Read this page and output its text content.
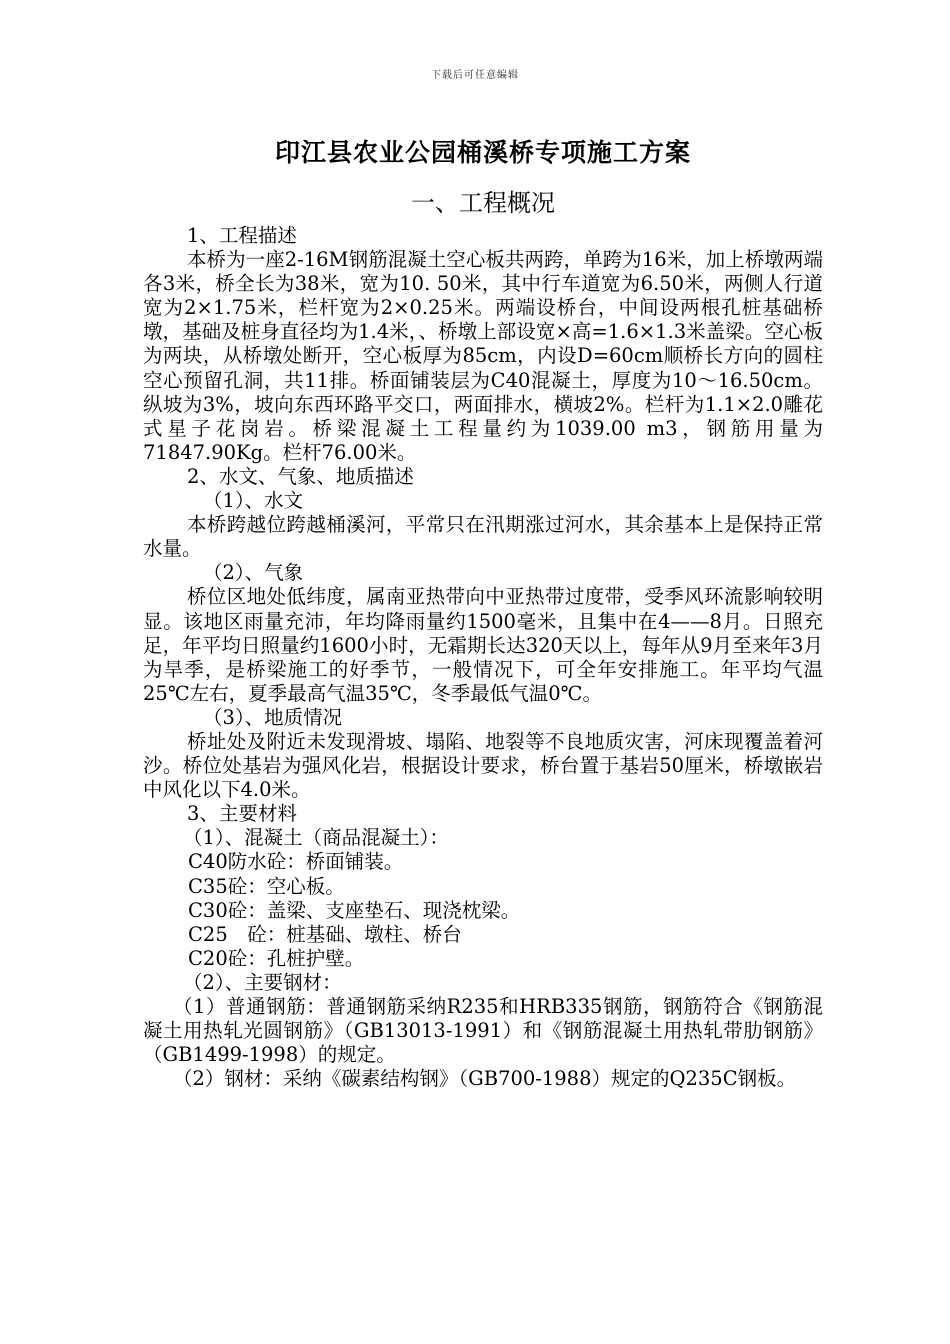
下载后可任意编辑
印江县农业公园桶溪桥专项施工方案
一、工程概况

1、工程描述

本桥为一座2-16M钢筋混凝土空心板共两跨，单跨为16米，加上桥墩两端各3米，桥全长为38米，宽为10. 50米，其中行车道宽为6.50米，两侧人行道宽为2×1.75米，栏杆宽为2×0.25米。两端设桥台，中间设两根孔桩基础桥墩，基础及桩身直径均为1.4米，、桥墩上部设宽×高=1.6×1.3米盖梁。空心板为两块，从桥墩处断开，空心板厚为85cm，内设D=60cm顺桥长方向的圆柱空心预留孔洞，共11排。桥面铺装层为C40混凝土，厚度为10～16.50cm。纵坡为3%，坡向东西环路平交口，两面排水，横坡2%。栏杆为1.1×2.0雕花式星子花岗岩。桥梁混凝土工程量约为1039.00 m3，钢筋用量为71847.90Kg。栏杆76.00米。

2、水文、气象、地质描述

（1）、水文

本桥跨越位跨越桶溪河，平常只在汛期涨过河水，其余基本上是保持正常水量。

（2）、气象

桥位区地处低纬度，属南亚热带向中亚热带过度带，受季风环流影响较明显。该地区雨量充沛，年均降雨量约1500毫米，且集中在4——8月。日照充足，年平均日照量约1600小时，无霜期长达320天以上，每年从9月至来年3月为旱季，是桥梁施工的好季节，一般情况下，可全年安排施工。年平均气温25℃左右，夏季最高气温35℃，冬季最低气温0℃。

（3）、地质情况

桥址处及附近未发现滑坡、塌陷、地裂等不良地质灾害，河床现覆盖着河沙。桥位处基岩为强风化岩，根据设计要求，桥台置于基岩50厘米，桥墩嵌岩中风化以下4.0米。

3、主要材料

（1）、混凝土（商品混凝土）：

C40防水砼：桥面铺装。

C35砼：空心板。

C30砼：盖梁、支座垫石、现浇枕梁。

C25　砼：桩基础、墩柱、桥台

C20砼：孔桩护壁。

（2）、主要钢材：

（1）普通钢筋：普通钢筋采纳R235和HRB335钢筋，钢筋符合《钢筋混凝土用热轧光圆钢筋》（GB13013-1991）和《钢筋混凝土用热轧带肋钢筋》（GB1499-1998）的规定。

（2）钢材：采纳《碳素结构钢》（GB700-1988）规定的Q235C钢板。
